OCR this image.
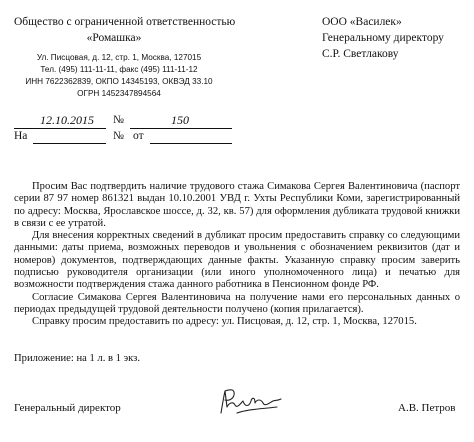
Общество с ограниченной ответственностью
«Ромашка»
Ул. Писцовая, д. 12, стр. 1, Москва, 127015
Тел. (495) 111-11-11, факс (495) 111-11-12
ИНН 7622362839, ОКПО 14345193, ОКВЭД 33.10
ОГРН 1452347894564
ООО «Василек»
Генеральному директору
С.Р. Светлакову
12.10.2015	№	150
На	№ от

Просим Вас подтвердить наличие трудового стажа Симакова Сергея Валентиновича (паспорт серии 87 97 номер 861321 выдан 10.10.2001 УВД г. Ухты Республики Коми, зарегистрированный по адресу: Москва, Ярославское шоссе, д. 32, кв. 57) для оформления дубликата трудовой книжки в связи с ее утратой.

Для внесения корректных сведений в дубликат просим предоставить справку со следующими данными: даты приема, возможных переводов и увольнения с обозначением реквизитов (дат и номеров) документов, подтверждающих данные факты. Указанную справку просим заверить подписью руководителя организации (или иного уполномоченного лица) и печатью для возможности подтверждения стажа данного работника в Пенсионном фонде РФ.

Согласие Симакова Сергея Валентиновича на получение нами его персональных данных о периодах предыдущей трудовой деятельности получено (копия прилагается).

Справку просим предоставить по адресу: ул. Писцовая, д. 12, стр. 1, Москва, 127015.

Приложение: на 1 л. в 1 экз.
Генеральный директор	А.В. Петров
